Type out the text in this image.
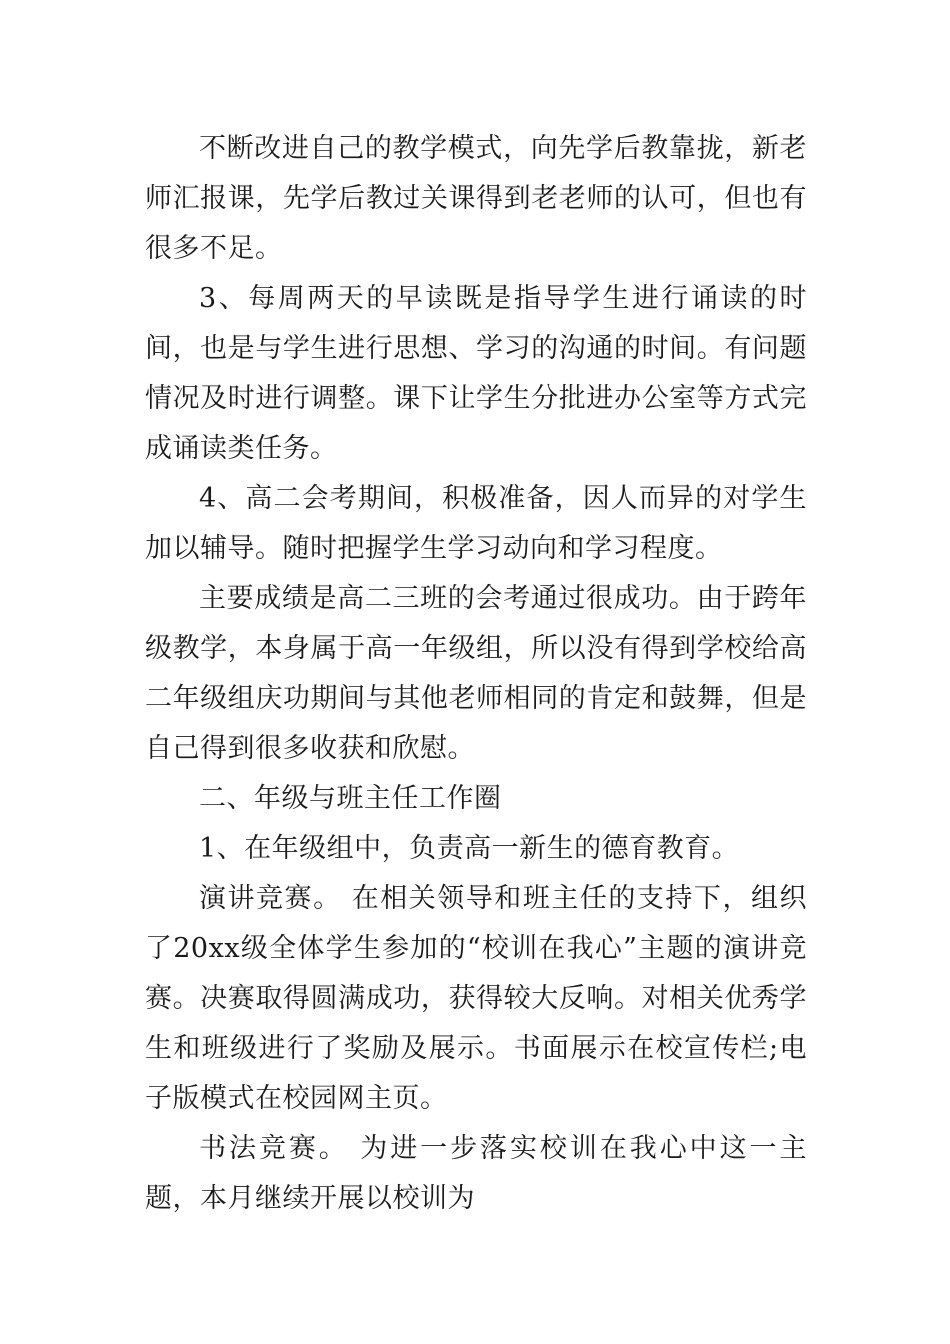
不断改进自己的教学模式，向先学后教靠拢，新老师汇报课，先学后教过关课得到老老师的认可，但也有很多不足。

3、每周两天的早读既是指导学生进行诵读的时间，也是与学生进行思想、学习的沟通的时间。有问题情况及时进行调整。课下让学生分批进办公室等方式完成诵读类任务。

4、高二会考期间，积极准备，因人而异的对学生加以辅导。随时把握学生学习动向和学习程度。

主要成绩是高二三班的会考通过很成功。由于跨年级教学，本身属于高一年级组，所以没有得到学校给高二年级组庆功期间与其他老师相同的肯定和鼓舞，但是自己得到很多收获和欣慰。

二、年级与班主任工作圈

1、在年级组中，负责高一新生的德育教育。

演讲竞赛。 在相关领导和班主任的支持下，组织了20xx级全体学生参加的“校训在我心”主题的演讲竞赛。决赛取得圆满成功，获得较大反响。对相关优秀学生和班级进行了奖励及展示。书面展示在校宣传栏;电子版模式在校园网主页。

书法竞赛。 为进一步落实校训在我心中这一主题，本月继续开展以校训为
